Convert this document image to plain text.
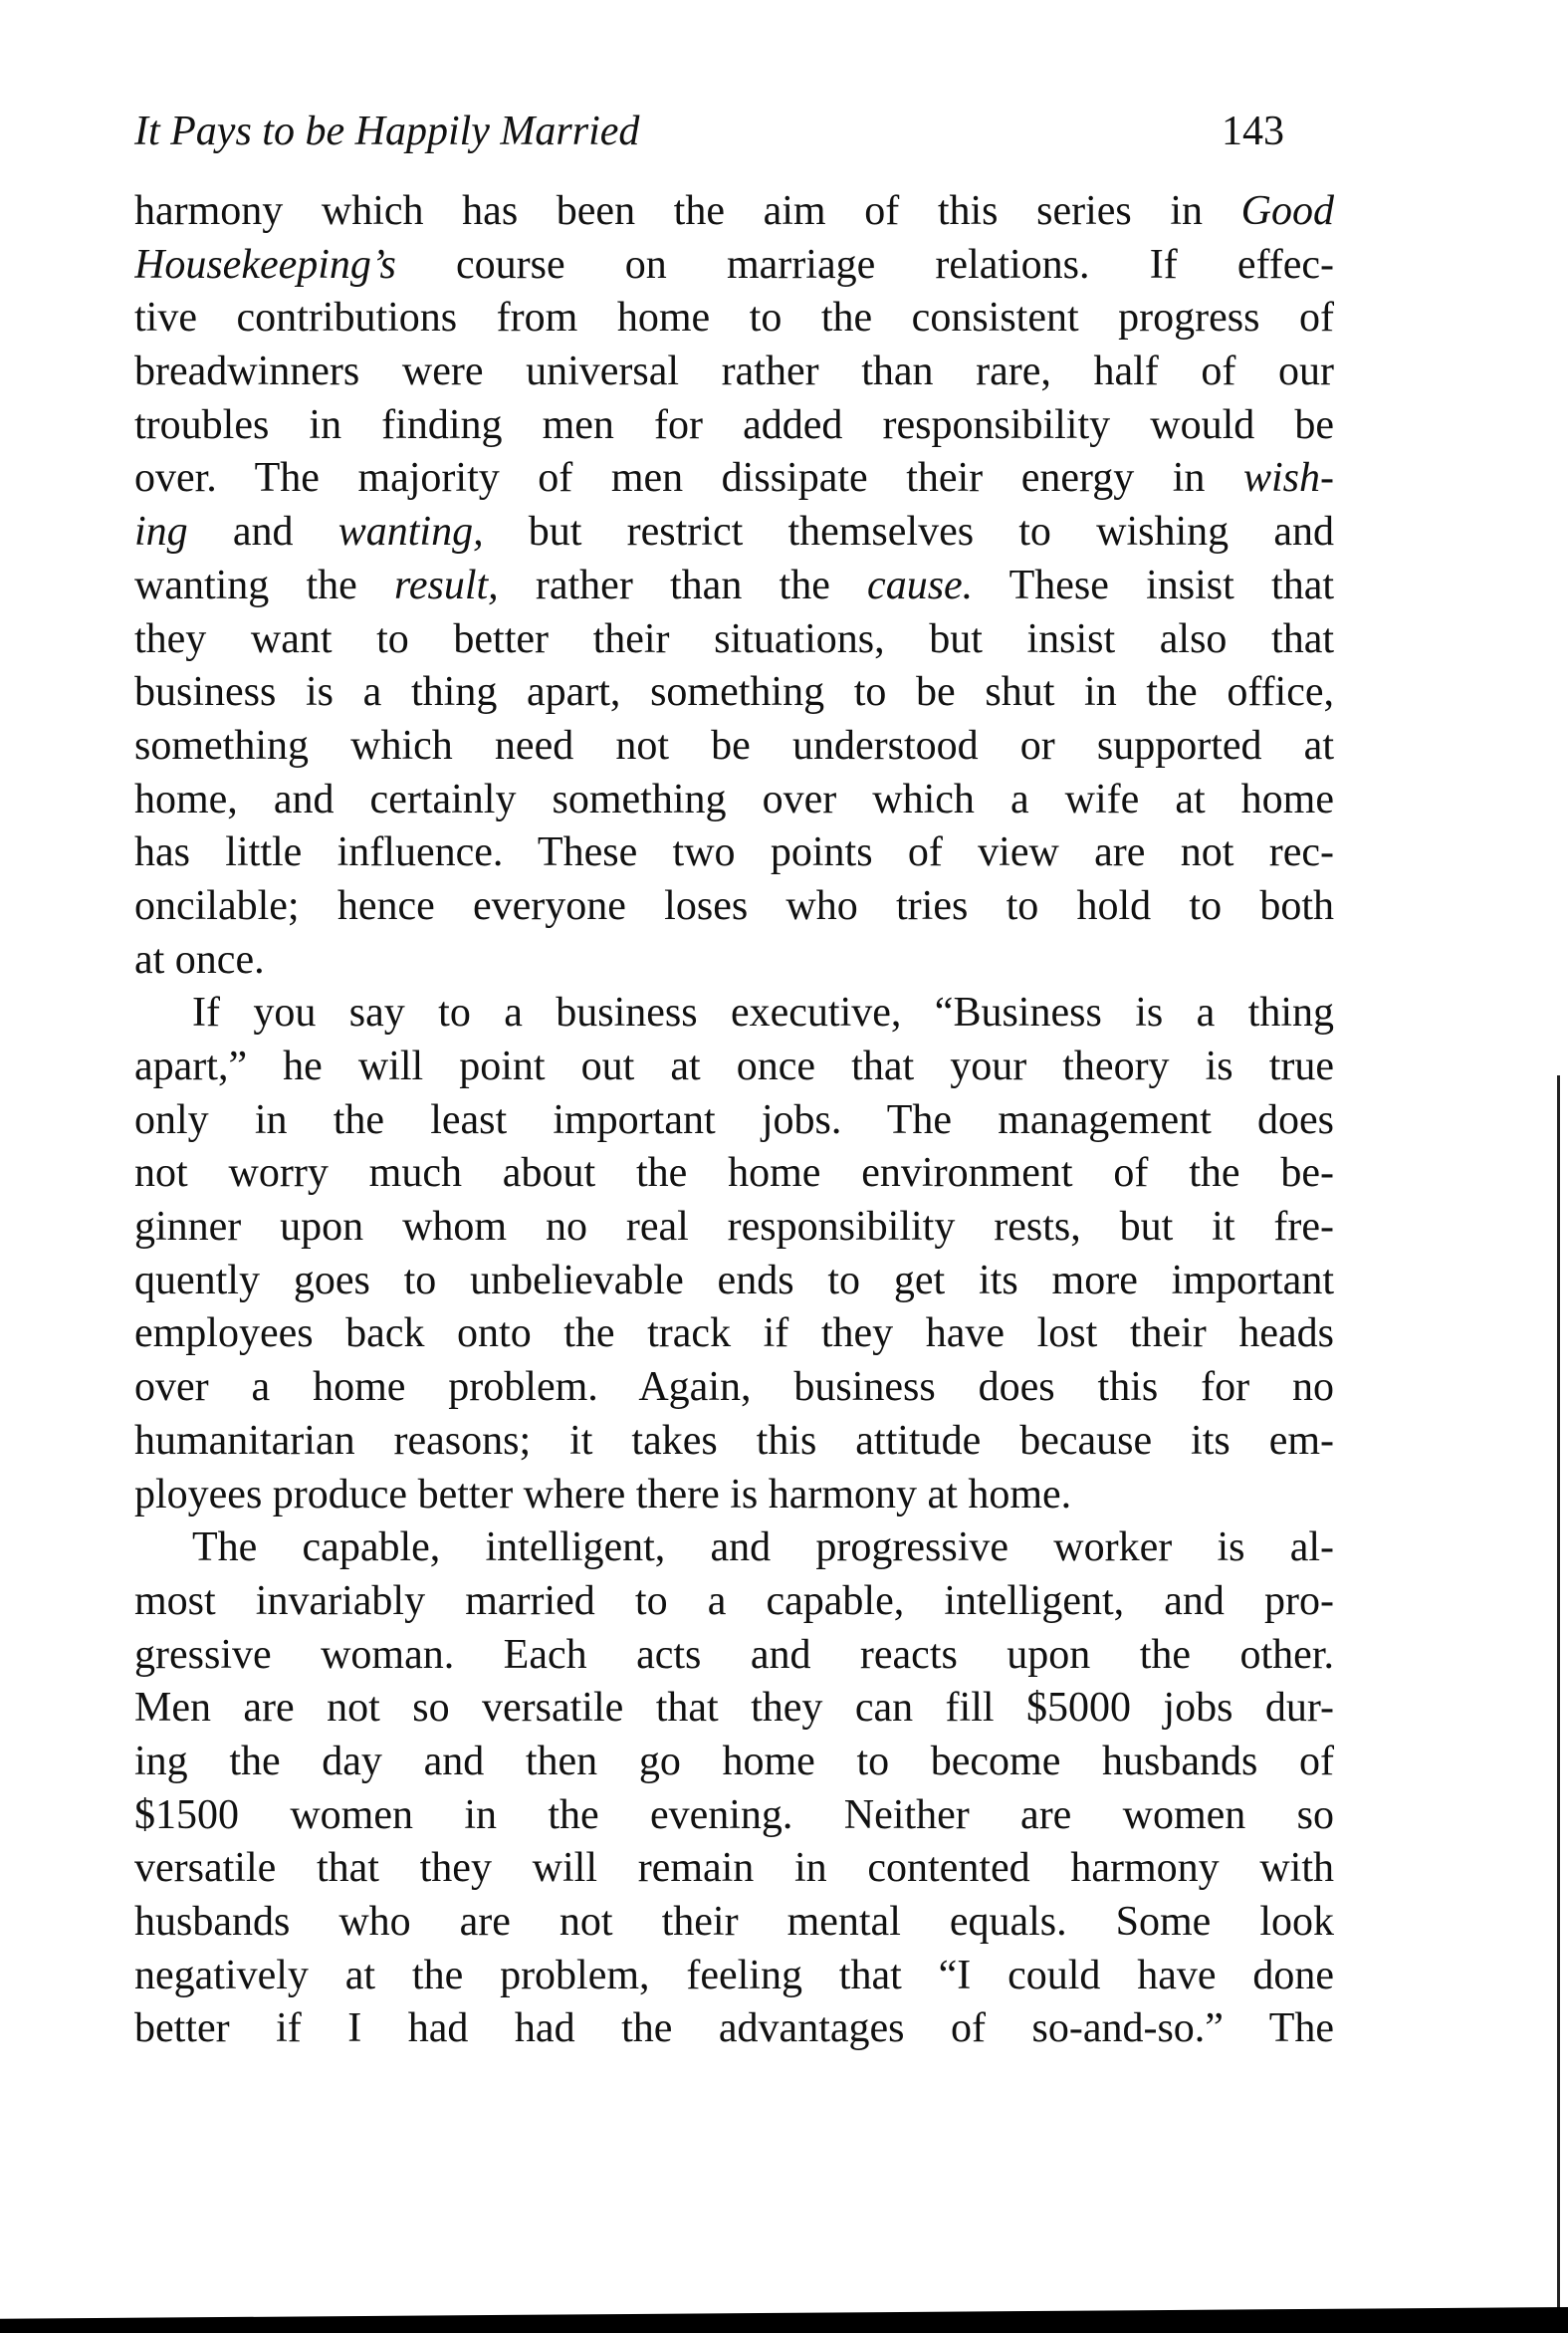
It Pays to be Happily Married	143
harmony which has been the aim of this series in Good
Housekeeping’s course on marriage relations. If effec-
tive contributions from home to the consistent progress of
breadwinners were universal rather than rare, half of our
troubles in finding men for added responsibility would be
over. The majority of men dissipate their energy in wish-
ing and wanting, but restrict themselves to wishing and
wanting the result, rather than the cause. These insist that
they want to better their situations, but insist also that
business is a thing apart, something to be shut in the office,
something which need not be understood or supported at
home, and certainly something over which a wife at home
has little influence. These two points of view are not rec-
oncilable; hence everyone loses who tries to hold to both
at once.
If you say to a business executive, “Business is a thing
apart,” he will point out at once that your theory is true
only in the least important jobs. The management does
not worry much about the home environment of the be-
ginner upon whom no real responsibility rests, but it fre-
quently goes to unbelievable ends to get its more important
employees back onto the track if they have lost their heads
over a home problem. Again, business does this for no
humanitarian reasons; it takes this attitude because its em-
ployees produce better where there is harmony at home.
The capable, intelligent, and progressive worker is al-
most invariably married to a capable, intelligent, and pro-
gressive woman. Each acts and reacts upon the other.
Men are not so versatile that they can fill $5000 jobs dur-
ing the day and then go home to become husbands of
$1500 women in the evening. Neither are women so
versatile that they will remain in contented harmony with
husbands who are not their mental equals. Some look
negatively at the problem, feeling that “I could have done
better if I had had the advantages of so-and-so.” The
